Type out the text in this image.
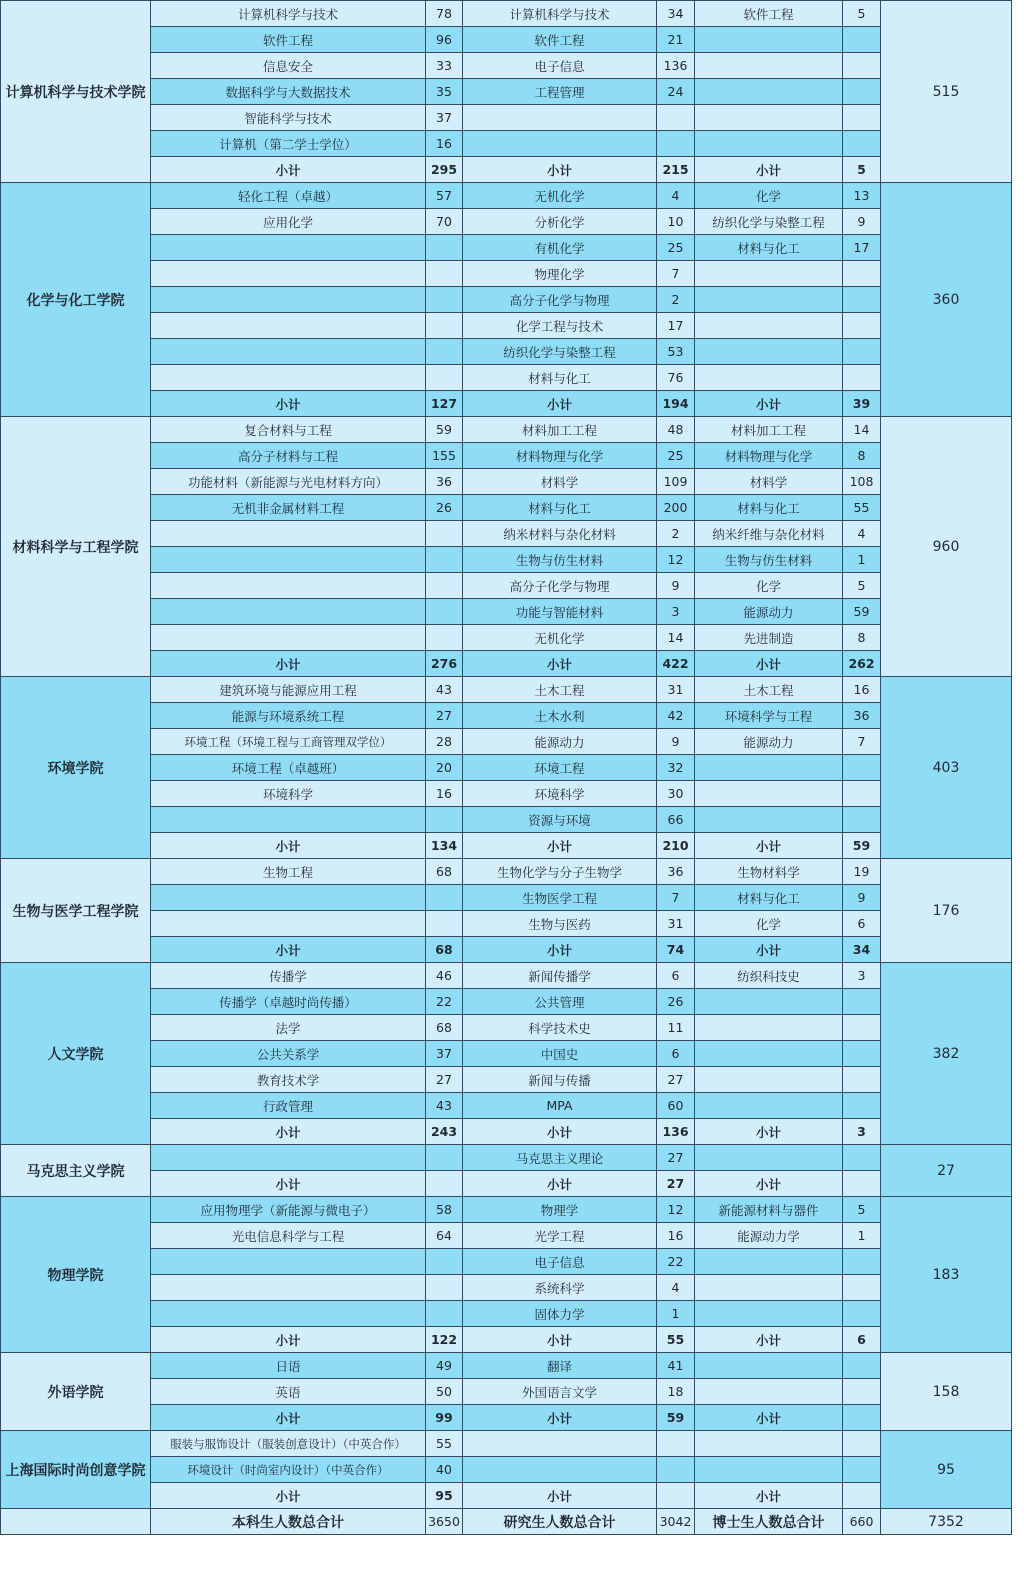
计算机科学与技术学院	计算机科学与技术	78	计算机科学与技术	34	软件工程	5	515
	软件工程	96	软件工程	21			
	信息安全	33	电子信息	136			
	数据科学与大数据技术	35	工程管理	24			
	智能科学与技术	37					
	计算机（第二学士学位）	16					
	小计	295	小计	215	小计	5	
化学与化工学院	轻化工程（卓越）	57	无机化学	4	化学	13	360
	应用化学	70	分析化学	10	纺织化学与染整工程	9	
			有机化学	25	材料与化工	17	
			物理化学	7			
			高分子化学与物理	2			
			化学工程与技术	17			
			纺织化学与染整工程	53			
			材料与化工	76			
	小计	127	小计	194	小计	39	
材料科学与工程学院	复合材料与工程	59	材料加工工程	48	材料加工工程	14	960
	高分子材料与工程	155	材料物理与化学	25	材料物理与化学	8	
	功能材料（新能源与光电材料方向）	36	材料学	109	材料学	108	
	无机非金属材料工程	26	材料与化工	200	材料与化工	55	
			纳米材料与杂化材料	2	纳米纤维与杂化材料	4	
			生物与仿生材料	12	生物与仿生材料	1	
			高分子化学与物理	9	化学	5	
			功能与智能材料	3	能源动力	59	
			无机化学	14	先进制造	8	
	小计	276	小计	422	小计	262	
环境学院	建筑环境与能源应用工程	43	土木工程	31	土木工程	16	403
	能源与环境系统工程	27	土木水利	42	环境科学与工程	36	
	环境工程（环境工程与工商管理双学位）	28	能源动力	9	能源动力	7	
	环境工程（卓越班）	20	环境工程	32			
	环境科学	16	环境科学	30			
			资源与环境	66			
	小计	134	小计	210	小计	59	
生物与医学工程学院	生物工程	68	生物化学与分子生物学	36	生物材料学	19	176
			生物医学工程	7	材料与化工	9	
			生物与医药	31	化学	6	
	小计	68	小计	74	小计	34	
人文学院	传播学	46	新闻传播学	6	纺织科技史	3	382
	传播学（卓越时尚传播）	22	公共管理	26			
	法学	68	科学技术史	11			
	公共关系学	37	中国史	6			
	教育技术学	27	新闻与传播	27			
	行政管理	43	MPA	60			
	小计	243	小计	136	小计	3	
马克思主义学院			马克思主义理论	27			27
	小计		小计	27	小计		
物理学院	应用物理学（新能源与微电子）	58	物理学	12	新能源材料与器件	5	183
	光电信息科学与工程	64	光学工程	16	能源动力学	1	
			电子信息	22			
			系统科学	4			
			固体力学	1			
	小计	122	小计	55	小计	6	
外语学院	日语	49	翻译	41			158
	英语	50	外国语言文学	18			
	小计	99	小计	59	小计		
上海国际时尚创意学院	服装与服饰设计（服装创意设计）（中英合作）	55					95
	环境设计（时尚室内设计）（中英合作）	40					
	小计	95	小计		小计		
	本科生人数总合计	3650	研究生人数总合计	3042	博士生人数总合计	660	7352
